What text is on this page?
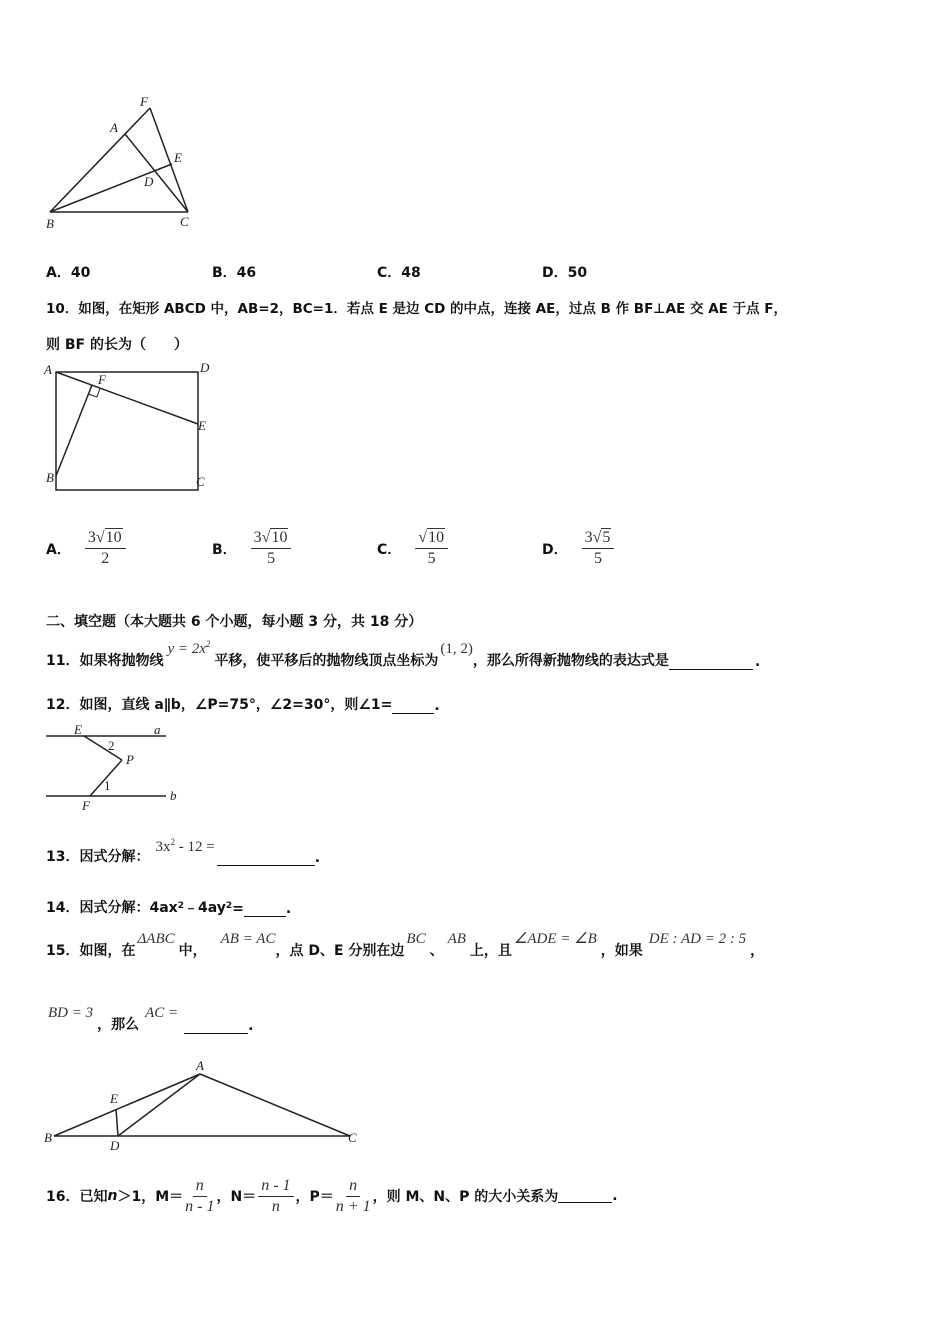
F
A
E
D
B	C
A．40	B．46	C．48	D．50
10．如图，在矩形 ABCD 中，AB=2，BC=1．若点 E 是边 CD 的中点，连接 AE，过点 B 作 BF⊥AE 交 AE 于点 F，
则 BF 的长为（　　）
A
F
D
E
B	C
A． $\frac{3√10}{2}$	B． $\frac{3√10}{5}$	C． $\frac{√10}{5}$	D． $\frac{3√5}{5}$
二、填空题（本大题共 6 个小题，每小题 3 分，共 18 分）
11．如果将抛物线
$y = 2x^2$
平移，使平移后的抛物线顶点坐标为
(1, 2)
，那么所得新抛物线的表达式是	.
12．如图，直线 a∥b，∠P=75°，∠2=30°，则∠1=	.
E	a
2
P
1
F
b
13．因式分解：
$3x^2 - 12$ =
.
14．因式分解：$4ax^2$ $﹣4ay^2$ =	.
15．如图，在
ΔABC
中，
AB = AC
，点 D、E 分别在边
BC
、
AB
上，且
∠ADE = ∠B
，如果
DE : AD = 2 : 5
，
BD = 3
，那么
AC =
.
A
E
B
D
C
16．已知 n ＞1，$M= \frac{n}{n - 1}$ ，$N= \frac{n - 1}{n}$ ，$P= \frac{n}{n + 1}$ ，则 M、N、P 的大小关系为	.
